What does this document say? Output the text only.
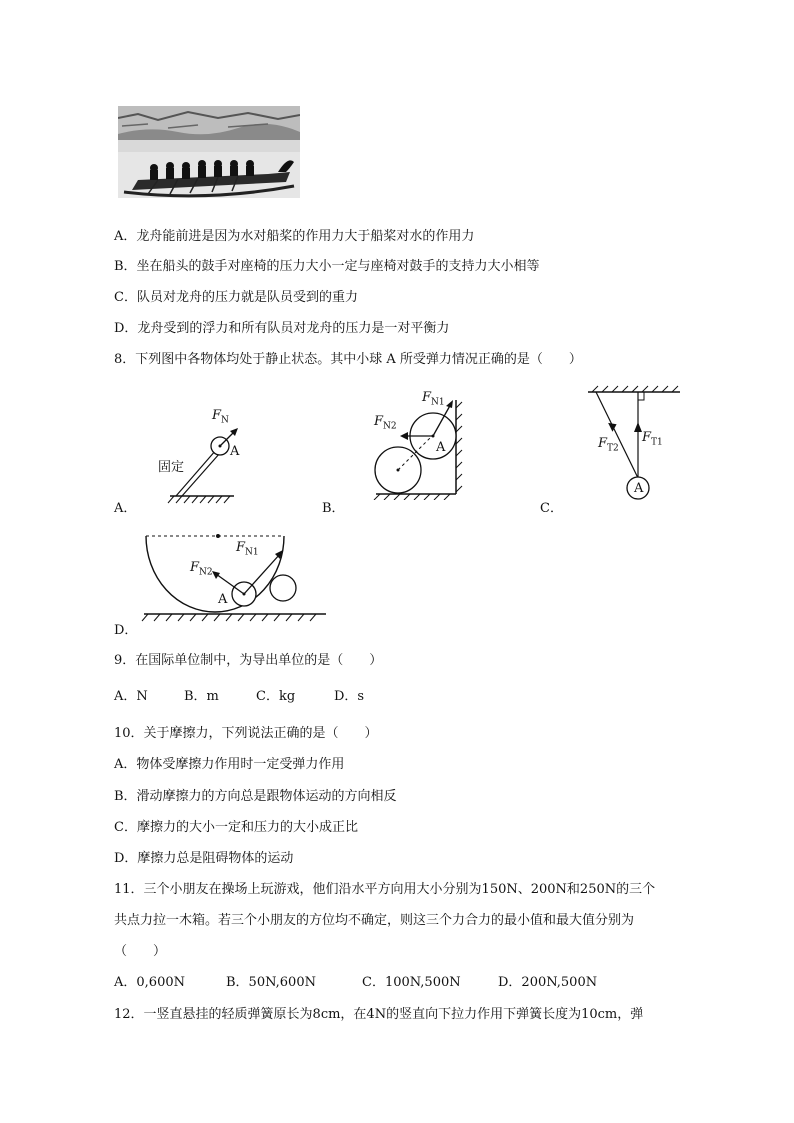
A．龙舟能前进是因为水对船桨的作用力大于船桨对水的作用力
B．坐在船头的鼓手对座椅的压力大小一定与座椅对鼓手的支持力大小相等
C．队员对龙舟的压力就是队员受到的重力
D．龙舟受到的浮力和所有队员对龙舟的压力是一对平衡力
8．下列图中各物体均处于静止状态。其中小球 A 所受弹力情况正确的是（　　）
固定
A
$F_N$
A．
A
$F_{N1}$
$F_{N2}$
B．
A
$F_{T1}$
$F_{T2}$
C．
A
$F_{N1}$
$F_{N2}$
D．
9．在国际单位制中，为导出单位的是（　　）
A．N	B．m	C．kg	D．s
10．关于摩擦力，下列说法正确的是（　　）
A．物体受摩擦力作用时一定受弹力作用
B．滑动摩擦力的方向总是跟物体运动的方向相反
C．摩擦力的大小一定和压力的大小成正比
D．摩擦力总是阻碍物体的运动
11．三个小朋友在操场上玩游戏，他们沿水平方向用大小分别为150N、200N和250N的三个
共点力拉一木箱。若三个小朋友的方位均不确定，则这三个力合力的最小值和最大值分别为
（　　）
A．0,600N	B．50N,600N	C．100N,500N	D．200N,500N
12．一竖直悬挂的轻质弹簧原长为8cm，在4N的竖直向下拉力作用下弹簧长度为10cm，弹
